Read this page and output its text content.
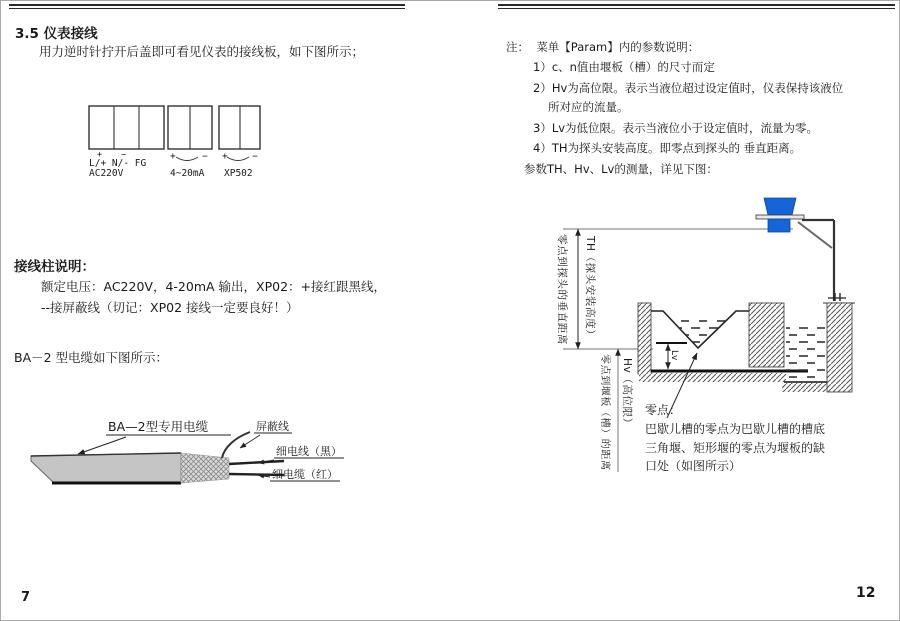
3.5 仪表接线
用力逆时针拧开后盖即可看见仪表的接线板，如下图所示；
+ −
L/+ N/- FG
AC220V
+	−
4~20mA
+	−
XP502
接线柱说明：
额定电压：AC220V，4-20mA 输出，XP02：+接红跟黑线，
--接屏蔽线（切记：XP02 接线一定要良好！）
BA－2 型电缆如下图所示：
BA—2型专用电缆	屏蔽线
细电线（黑）
细电缆（红）
7
注： 菜单【Param】内的参数说明：
1）c、n值由堰板（槽）的尺寸而定
2）Hv为高位限。表示当液位超过设定值时，仪表保持该液位
所对应的流量。
3）Lv为低位限。表示当液位小于设定值时，流量为零。
4）TH为探头安装高度。即零点到探头的 垂直距离。
参数TH、Hv、Lv的测量，详见下图：
零点到探头的垂直距离 TH（探头安装高度）
零点到堰板（槽）的距离 Hv（高位限）
Lv
零点：
巴歇儿槽的零点为巴歇儿槽的槽底
三角堰、矩形堰的零点为堰板的缺
口处（如图所示）
12
